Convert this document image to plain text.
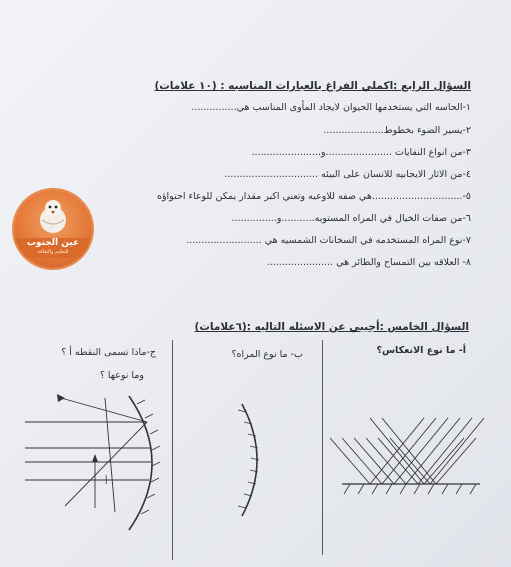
السؤال الرابع :اكملي الفراغ بالعبارات المناسبه : (١٠ علامات)
١-الحاسه التي يستخدمها الحيوان لايجاد المأوى المناسب هي...............
٢-يسير الضوء بخطوط....................
٣-من انواع النفايات ......................و.......................
٤-من الاثار الايجابيه للانسان على البيئه ...............................
٥-..............................هي صفه للاوعيه وتعني اكبر مقدار يمكن للوعاء احتواؤه
٦-من صفات الخيال في المراه المستويه...........و...............
٧-نوع المراه المستخدمه في السخانات الشمسيه هي .........................
٨- العلاقه بين التمساح والطائر هي ......................
عين الجنوب
للتعليم والثقافة
السؤال الخامس :أجيبي عن الاسئله التاليه :(٦علامات)
أ- ما نوع الانعكاس؟
ب- ما نوع المراه؟
ج-ماذا تسمى النقطه أ ؟
وما نوعها ؟
أ
